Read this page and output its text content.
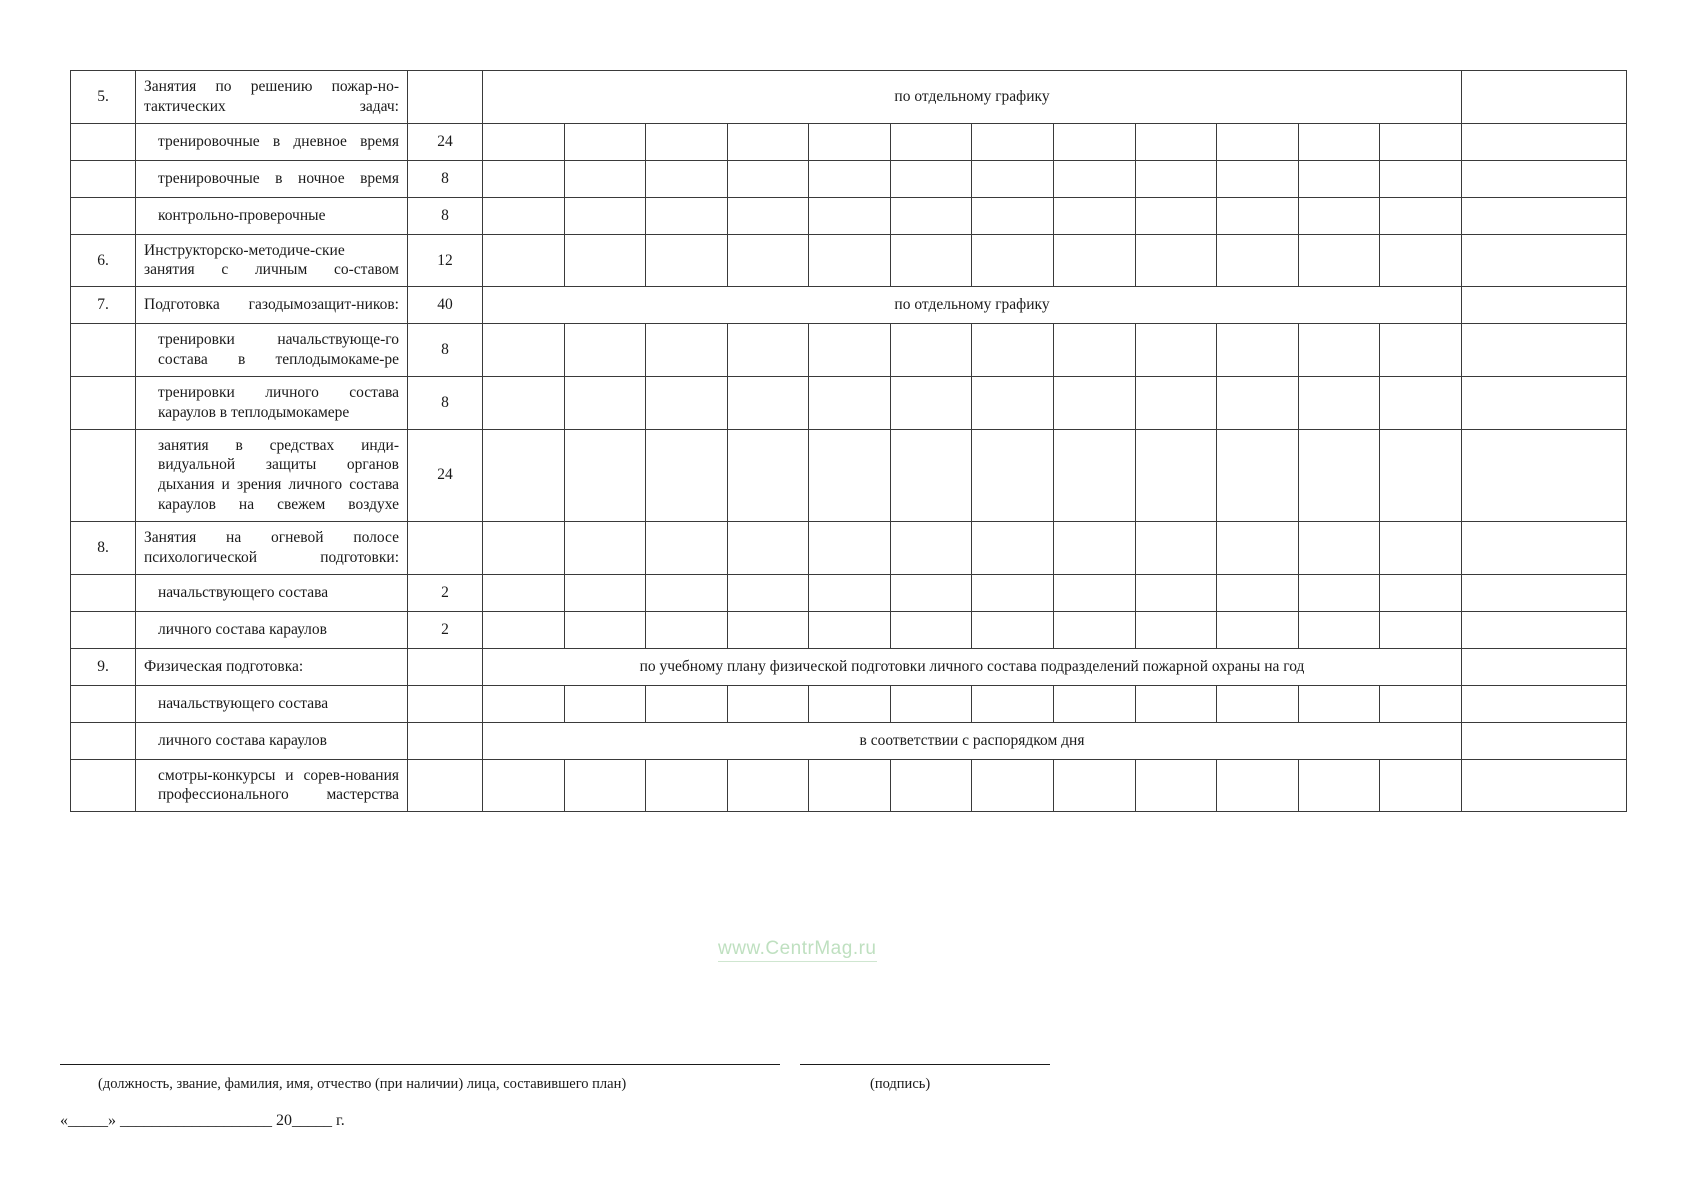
5.	Занятия по решению пожар-но-тактических задач:		по отдельному графику												
	тренировочные в дневное время	24													
	тренировочные в ночное время	8													
	контрольно-проверочные	8													
6.	Инструкторско-методиче-ские занятия с личным со-ставом	12													
7.	Подготовка газодымозащит-ников:	40	по отдельному графику												
	тренировки начальствующе-го состава в теплодымокаме-ре	8													
	тренировки личного состава караулов в теплодымокамере	8													
	занятия в средствах инди-видуальной защиты органов дыхания и зрения личного состава караулов на свежем воздухе	24													
8.	Занятия на огневой полосе психологической подготовки:														
	начальствующего состава	2													
	личного состава караулов	2													
9.	Физическая подготовка:		по учебному плану физической подготовки личного состава подразделений пожарной охраны на год												
	начальствующего состава														
	личного состава караулов		в соответствии с распорядком дня												
	смотры-конкурсы и сорев-нования профессионального мастерства														
www.CentrMag.ru
(должность, звание, фамилия, имя, отчество (при наличии) лица, составившего план)	(подпись)
«_____» ___________________ 20_____ г.
